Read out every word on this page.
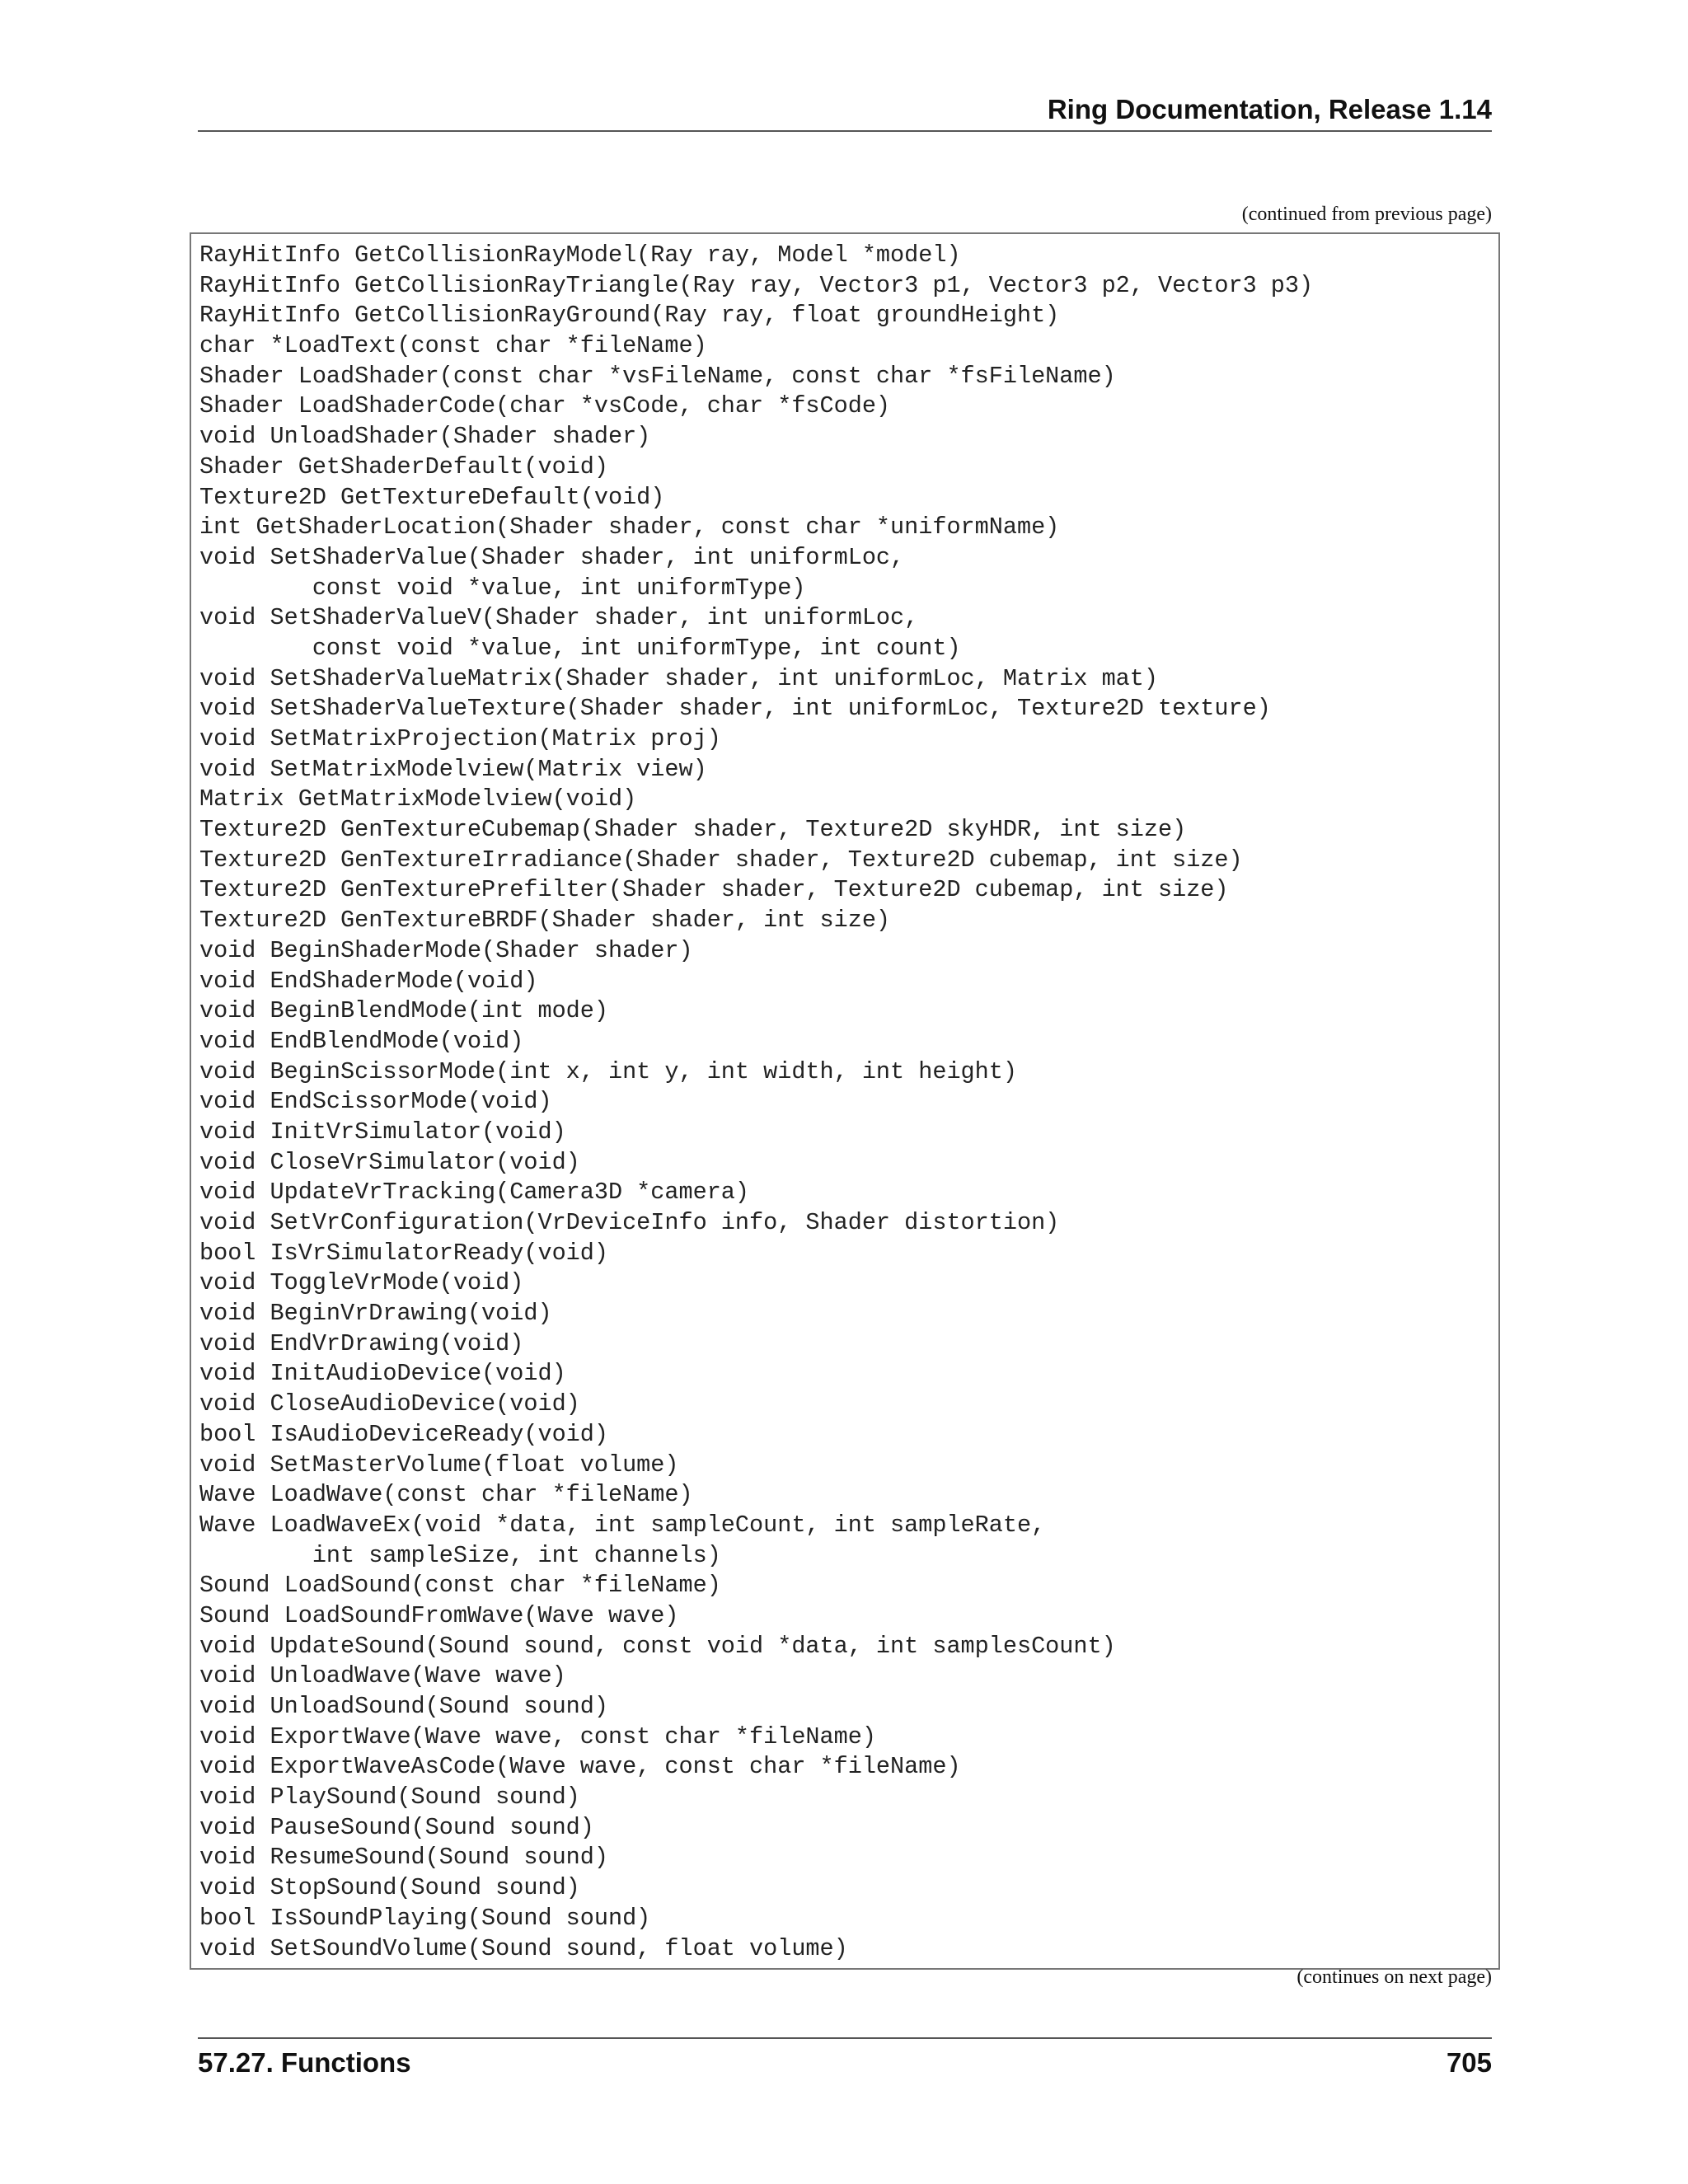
Ring Documentation, Release 1.14
(continued from previous page)
RayHitInfo GetCollisionRayModel(Ray ray, Model *model)
RayHitInfo GetCollisionRayTriangle(Ray ray, Vector3 p1, Vector3 p2, Vector3 p3)
RayHitInfo GetCollisionRayGround(Ray ray, float groundHeight)
char *LoadText(const char *fileName)
Shader LoadShader(const char *vsFileName, const char *fsFileName)
Shader LoadShaderCode(char *vsCode, char *fsCode)
void UnloadShader(Shader shader)
Shader GetShaderDefault(void)
Texture2D GetTextureDefault(void)
int GetShaderLocation(Shader shader, const char *uniformName)
void SetShaderValue(Shader shader, int uniformLoc,
const void *value, int uniformType)
void SetShaderValueV(Shader shader, int uniformLoc,
const void *value, int uniformType, int count)
void SetShaderValueMatrix(Shader shader, int uniformLoc, Matrix mat)
void SetShaderValueTexture(Shader shader, int uniformLoc, Texture2D texture)
void SetMatrixProjection(Matrix proj)
void SetMatrixModelview(Matrix view)
Matrix GetMatrixModelview(void)
Texture2D GenTextureCubemap(Shader shader, Texture2D skyHDR, int size)
Texture2D GenTextureIrradiance(Shader shader, Texture2D cubemap, int size)
Texture2D GenTexturePrefilter(Shader shader, Texture2D cubemap, int size)
Texture2D GenTextureBRDF(Shader shader, int size)
void BeginShaderMode(Shader shader)
void EndShaderMode(void)
void BeginBlendMode(int mode)
void EndBlendMode(void)
void BeginScissorMode(int x, int y, int width, int height)
void EndScissorMode(void)
void InitVrSimulator(void)
void CloseVrSimulator(void)
void UpdateVrTracking(Camera3D *camera)
void SetVrConfiguration(VrDeviceInfo info, Shader distortion)
bool IsVrSimulatorReady(void)
void ToggleVrMode(void)
void BeginVrDrawing(void)
void EndVrDrawing(void)
void InitAudioDevice(void)
void CloseAudioDevice(void)
bool IsAudioDeviceReady(void)
void SetMasterVolume(float volume)
Wave LoadWave(const char *fileName)
Wave LoadWaveEx(void *data, int sampleCount, int sampleRate,
int sampleSize, int channels)
Sound LoadSound(const char *fileName)
Sound LoadSoundFromWave(Wave wave)
void UpdateSound(Sound sound, const void *data, int samplesCount)
void UnloadWave(Wave wave)
void UnloadSound(Sound sound)
void ExportWave(Wave wave, const char *fileName)
void ExportWaveAsCode(Wave wave, const char *fileName)
void PlaySound(Sound sound)
void PauseSound(Sound sound)
void ResumeSound(Sound sound)
void StopSound(Sound sound)
bool IsSoundPlaying(Sound sound)
void SetSoundVolume(Sound sound, float volume)
(continues on next page)
57.27. Functions	705
